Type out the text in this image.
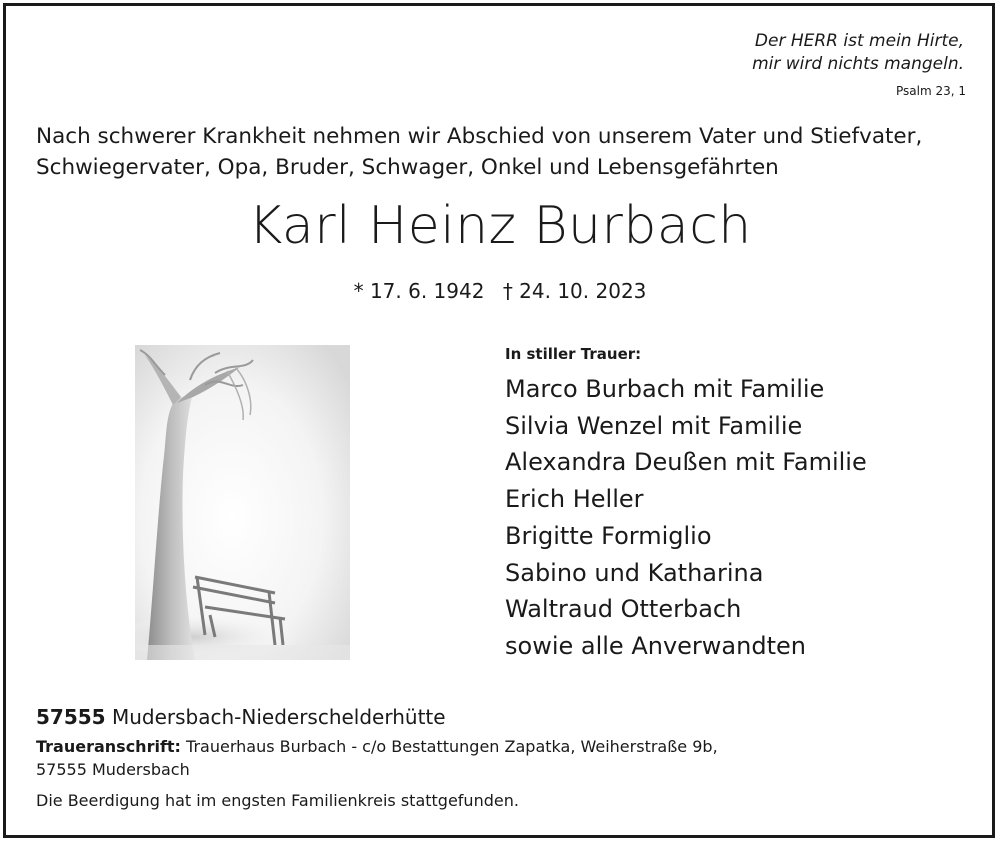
Der HERR ist mein Hirte,
mir wird nichts mangeln.
Psalm 23, 1
Nach schwerer Krankheit nehmen wir Abschied von unserem Vater und Stiefvater,
Schwiegervater, Opa, Bruder, Schwager, Onkel und Lebensgefährten
Karl Heinz Burbach
* 17. 6. 1942 † 24. 10. 2023
In stiller Trauer:
Marco Burbach mit Familie
Silvia Wenzel mit Familie
Alexandra Deußen mit Familie
Erich Heller
Brigitte Formiglio
Sabino und Katharina
Waltraud Otterbach
sowie alle Anverwandten
57555 Mudersbach-Niederschelderhütte
Traueranschrift: Trauerhaus Burbach - c/o Bestattungen Zapatka, Weiherstraße 9b,
57555 Mudersbach
Die Beerdigung hat im engsten Familienkreis stattgefunden.
